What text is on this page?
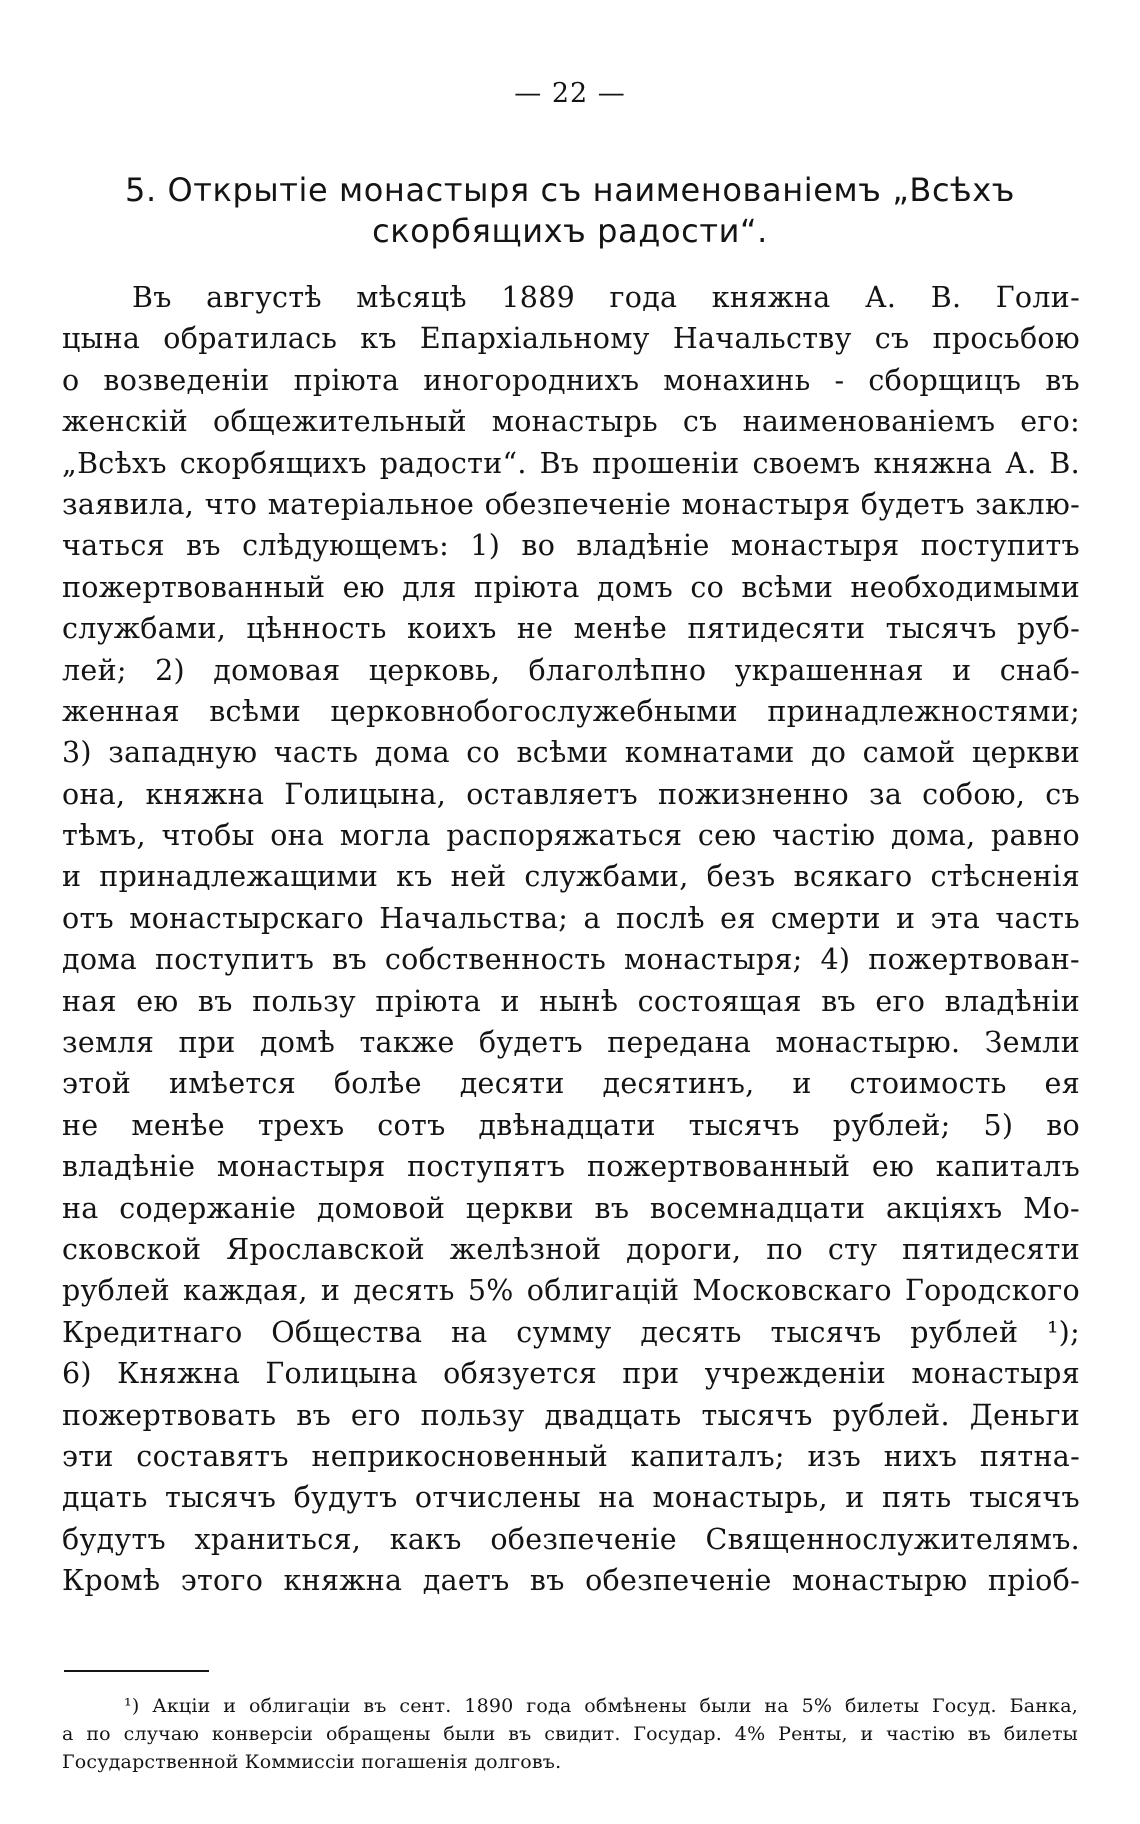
— 22 —
5. Открытіе монастыря съ наименованіемъ „Всѣхъ
скорбящихъ радости“.
Въ августѣ мѣсяцѣ 1889 года княжна А. В. Голи-
цына обратилась къ Епархіальному Начальству съ просьбою
о возведеніи пріюта иногороднихъ монахинь - сборщицъ въ
женскій общежительный монастырь съ наименованіемъ его:
„Всѣхъ скорбящихъ радости“. Въ прошеніи своемъ княжна А. В.
заявила, что матеріальное обезпеченіе монастыря будетъ заклю-
чаться въ слѣдующемъ: 1) во владѣніе монастыря поступитъ
пожертвованный ею для пріюта домъ со всѣми необходимыми
службами, цѣнность коихъ не менѣе пятидесяти тысячъ руб-
лей; 2) домовая церковь, благолѣпно украшенная и снаб-
женная всѣми церковнобогослужебными принадлежностями;
3) западную часть дома со всѣми комнатами до самой церкви
она, княжна Голицына, оставляетъ пожизненно за собою, съ
тѣмъ, чтобы она могла распоряжаться сею частію дома, равно
и принадлежащими къ ней службами, безъ всякаго стѣсненія
отъ монастырскаго Начальства; а послѣ ея смерти и эта часть
дома поступитъ въ собственность монастыря; 4) пожертвован-
ная ею въ пользу пріюта и нынѣ состоящая въ его владѣніи
земля при домѣ также будетъ передана монастырю. Земли
этой имѣется болѣе десяти десятинъ, и стоимость ея
не менѣе трехъ сотъ двѣнадцати тысячъ рублей; 5) во
владѣніе монастыря поступятъ пожертвованный ею капиталъ
на содержаніе домовой церкви въ восемнадцати акціяхъ Мо-
сковской Ярославской желѣзной дороги, по сту пятидесяти
рублей каждая, и десять 5% облигацій Московскаго Городского
Кредитнаго Общества на сумму десять тысячъ рублей ¹);
6) Княжна Голицына обязуется при учрежденіи монастыря
пожертвовать въ его пользу двадцать тысячъ рублей. Деньги
эти составятъ неприкосновенный капиталъ; изъ нихъ пятна-
дцать тысячъ будутъ отчислены на монастырь, и пять тысячъ
будутъ храниться, какъ обезпеченіе Священнослужителямъ.
Кромѣ этого княжна даетъ въ обезпеченіе монастырю пріоб-
¹) Акціи и облигаціи въ сент. 1890 года обмѣнены были на 5% билеты Госуд. Банка,
а по случаю конверсіи обращены были въ свидит. Государ. 4% Ренты, и частію въ билеты
Государственной Коммиссіи погашенія долговъ.
